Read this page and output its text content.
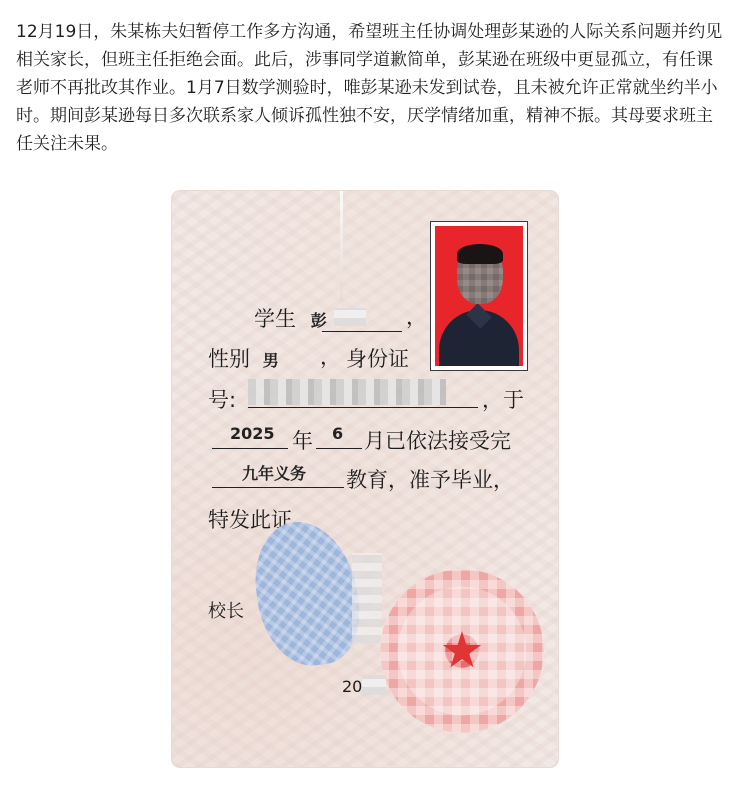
12月19日，朱某栋夫妇暂停工作多方沟通，希望班主任协调处理彭某逊的人际关系问题并约见相关家长，但班主任拒绝会面。此后，涉事同学道歉简单，彭某逊在班级中更显孤立，有任课老师不再批改其作业。1月7日数学测验时，唯彭某逊未发到试卷，且未被允许正常就坐约半小时。期间彭某逊每日多次联系家人倾诉孤性独不安，厌学情绪加重，精神不振。其母要求班主任关注未果。

学生 彭	，
性别 男 ， 身份证
号:	，于
2025 年 6 月已依法接受完
九年义务 教育，准予毕业，
特发此证。
校长
20
